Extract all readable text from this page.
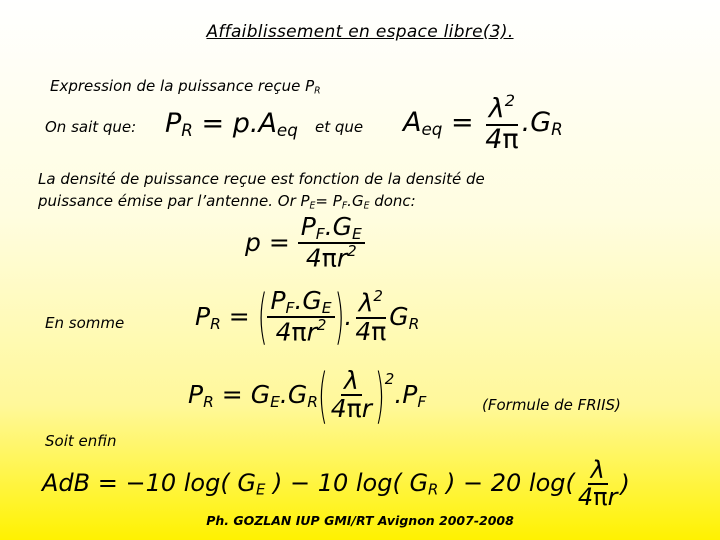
Affaiblissement en espace libre(3).
Expression de la puissance reçue $P_R$
On sait que: $P_R = p.A_{eq}$ et que $A_{eq} = \frac{\lambda^2}{4\pi} .G_R$
La densité de puissance reçue est fonction de la densité de
puissance émise par l’antenne. Or $P_E= P_F.G_E$ donc:
$p = \frac{P_F.G_E}{4\pi r^2}$
En somme	$P_R$ = ( $\frac{P_F.G_E}{4\pi r^2}$ ) . $\frac{\lambda^2}{4\pi} G_R$
$P_R = G_E.G_R$ ( $\frac{\lambda}{4\pi r}$ ) 2
$.P_F$	(Formule de FRIIS)
Soit enfin
AdB = −10 log( $G_E$ ) − 10 log( $G_R$ ) − 20 $\log( \frac{\lambda}{4\pi r}$ )
Ph. GOZLAN IUP GMI/RT Avignon 2007-2008
